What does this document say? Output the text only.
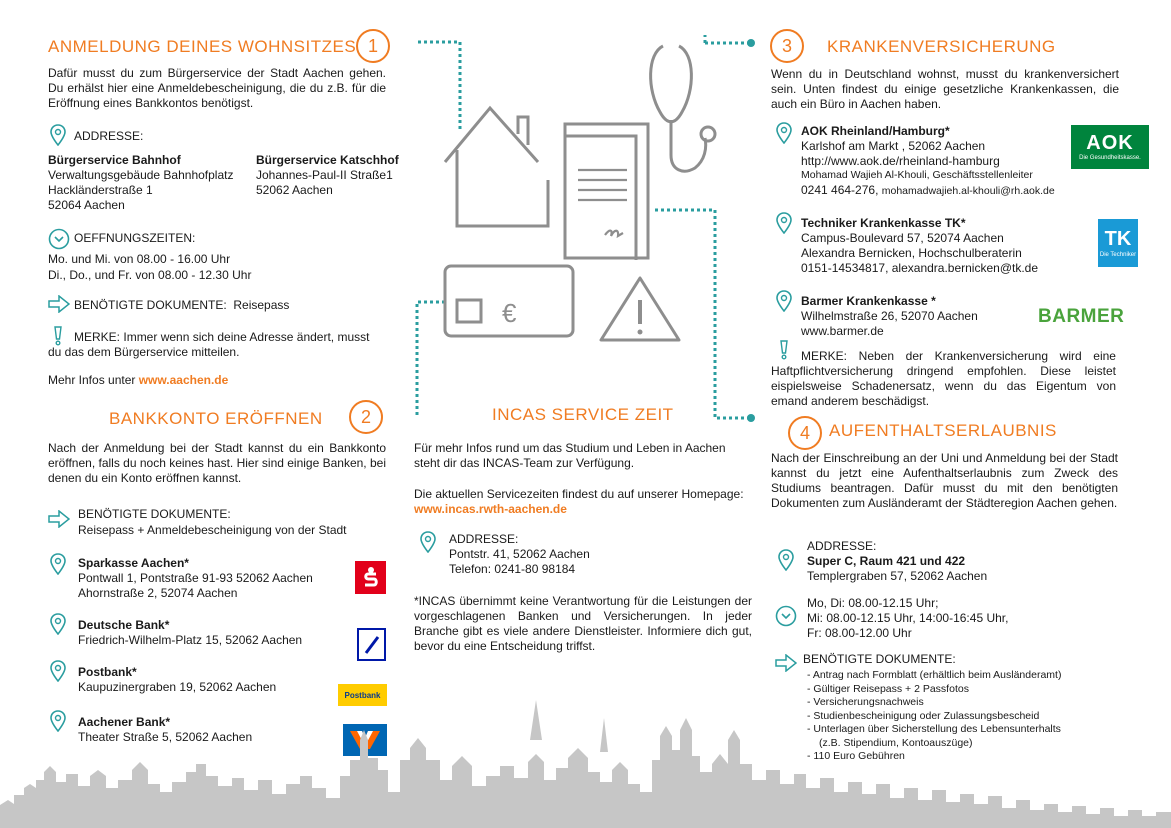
ANMELDUNG DEINES WOHNSITZES 1
Dafür musst du zum Bürgerservice der Stadt Aachen gehen. Du erhälst hier eine Anmeldebescheinigung, die du z.B. für die Eröffnung eines Bankkontos benötigst.
ADDRESSE:
Bürgerservice Bahnhof
Verwaltungsgebäude Bahnhofplatz
Hackländerstraße 1
52064 Aachen
Bürgerservice Katschhof
Johannes-Paul-II Straße1
52062 Aachen
OEFFNUNGSZEITEN:
Mo. und Mi. von 08.00 - 16.00 Uhr
Di., Do., und Fr. von 08.00 - 12.30 Uhr
BENÖTIGTE DOKUMENTE: Reisepass
MERKE: Immer wenn sich deine Adresse ändert, musst du das dem Bürgerservice mitteilen.
Mehr Infos unter www.aachen.de
BANKKONTO ERÖFFNEN	2
Nach der Anmeldung bei der Stadt kannst du ein Bankkonto eröffnen, falls du noch keines hast. Hier sind einige Banken, bei denen du ein Konto eröffnen kannst.
BENÖTIGTE DOKUMENTE:
Reisepass + Anmeldebescheinigung von der Stadt
Sparkasse Aachen*
Pontwall 1, Pontstraße 91-93 52062 Aachen
Ahornstraße 2, 52074 Aachen
Deutsche Bank*
Friedrich-Wilhelm-Platz 15, 52062 Aachen
Postbank*
Kaupuzinergraben 19, 52062 Aachen
Postbank
Aachener Bank*
Theater Straße 5, 52062 Aachen
€
INCAS SERVICE ZEIT
Für mehr Infos rund um das Studium und Leben in Aachen steht dir das INCAS-Team zur Verfügung.
Die aktuellen Servicezeiten findest du auf unserer Homepage: www.incas.rwth-aachen.de
ADDRESSE:
Pontstr. 41, 52062 Aachen
Telefon: 0241-80 98184
*INCAS übernimmt keine Verantwortung für die Leistungen der vorgeschlagenen Banken und Versicherungen. In jeder Branche gibt es viele andere Dienstleister. Informiere dich gut, bevor du eine Entscheidung triffst.
3	KRANKENVERSICHERUNG
Wenn du in Deutschland wohnst, musst du krankenversichert sein. Unten findest du einige gesetzliche Krankenkassen, die auch ein Büro in Aachen haben.
AOK Rheinland/Hamburg*
Karlshof am Markt , 52062 Aachen
http://www.aok.de/rheinland-hamburg
Mohamad Wajieh Al-Khouli, Geschäftsstellenleiter
0241 464-276, mohamadwajieh.al-khouli@rh.aok.de
AOK
Die Gesundheitskasse.
Techniker Krankenkasse TK*
Campus-Boulevard 57, 52074 Aachen
Alexandra Bernicken, Hochschulberaterin
0151-14534817, alexandra.bernicken@tk.de
TK
Die Techniker
Barmer Krankenkasse *
Wilhelmstraße 26, 52070 Aachen
www.barmer.de
BARMER
MERKE: Neben der Krankenversicherung wird eine Haftpflichtversicherung dringend empfohlen. Diese leistet eispielsweise Schadenersatz, wenn du das Eigentum von emand anderem beschädigst.
4	AUFENTHALTSERLAUBNIS
Nach der Einschreibung an der Uni und Anmeldung bei der Stadt kannst du jetzt eine Aufenthaltserlaubnis zum Zweck des Studiums beantragen. Dafür musst du mit den benötigten Dokumenten zum Ausländeramt der Städteregion Aachen gehen.
ADDRESSE:
Super C, Raum 421 und 422
Templergraben 57, 52062 Aachen
Mo, Di: 08.00-12.15 Uhr;
Mi: 08.00-12.15 Uhr, 14:00-16:45 Uhr,
Fr: 08.00-12.00 Uhr
BENÖTIGTE DOKUMENTE:
- Antrag nach Formblatt (erhältlich beim Ausländeramt)
- Gültiger Reisepass + 2 Passfotos
- Versicherungsnachweis
- Studienbescheinigung oder Zulassungsbescheid
- Unterlagen über Sicherstellung des Lebensunterhalts
(z.B. Stipendium, Kontoauszüge)
- 110 Euro Gebühren
